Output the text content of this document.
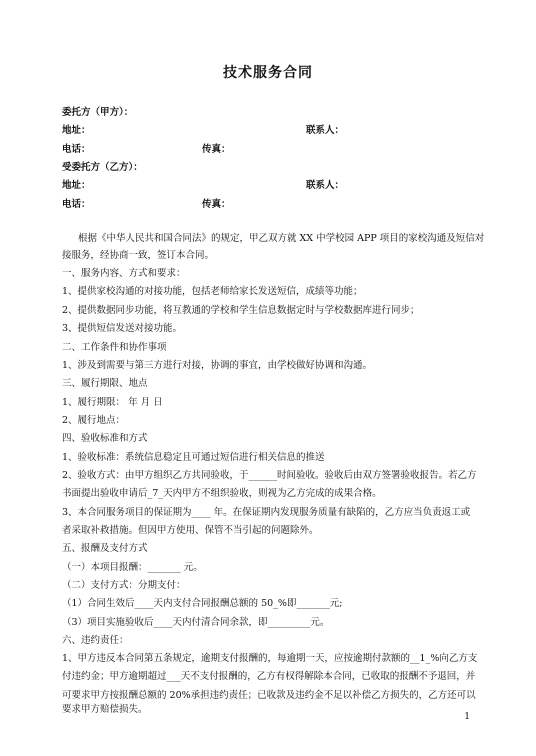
技术服务合同
委托方（甲方）：
地址：	联系人：
电话：	传真：
受委托方（乙方）：
地址：	联系人：
电话：	传真：
根据《中华人民共和国合同法》的规定，甲乙双方就 XX 中学校园 APP 项目的家校沟通及短信对
接服务，经协商一致，签订本合同。
一、服务内容、方式和要求：
1、提供家校沟通的对接功能，包括老师给家长发送短信，成绩等功能；
2、提供数据同步功能，将互教通的学校和学生信息数据定时与学校数据库进行同步；
3、提供短信发送对接功能。
二、工作条件和协作事项
1、涉及到需要与第三方进行对接，协调的事宜，由学校做好协调和沟通。
三、履行期限、地点
1、履行期限： 年 月 日
2、履行地点：
四、验收标准和方式
1、验收标准：系统信息稳定且可通过短信进行相关信息的推送
2、验收方式：由甲方组织乙方共同验收，于______时间验收。验收后由双方签署验收报告。若乙方
书面提出验收申请后_7_天内甲方不组织验收，则视为乙方完成的成果合格。
3、本合同服务项目的保证期为____ 年。在保证期内发现服务质量有缺陷的，乙方应当负责返工或
者采取补救措施。但因甲方使用、保管不当引起的问题除外。
五、报酬及支付方式
（一）本项目报酬：_______ 元。
（二）支付方式：分期支付：
（1）合同生效后____天内支付合同报酬总额的 50_%即_______元;
（3）项目实施验收后____天内付清合同余款，即_________元。
六、违约责任：
1、甲方违反本合同第五条规定，逾期支付报酬的，每逾期一天，应按逾期付款额的__1_%向乙方支
付违约金；甲方逾期超过___天不支付报酬的，乙方有权得解除本合同，已收取的报酬不予退回，并
可要求甲方按报酬总额的 20%承担违约责任；已收款及违约金不足以补偿乙方损失的，乙方还可以
要求甲方赔偿损失。
1
